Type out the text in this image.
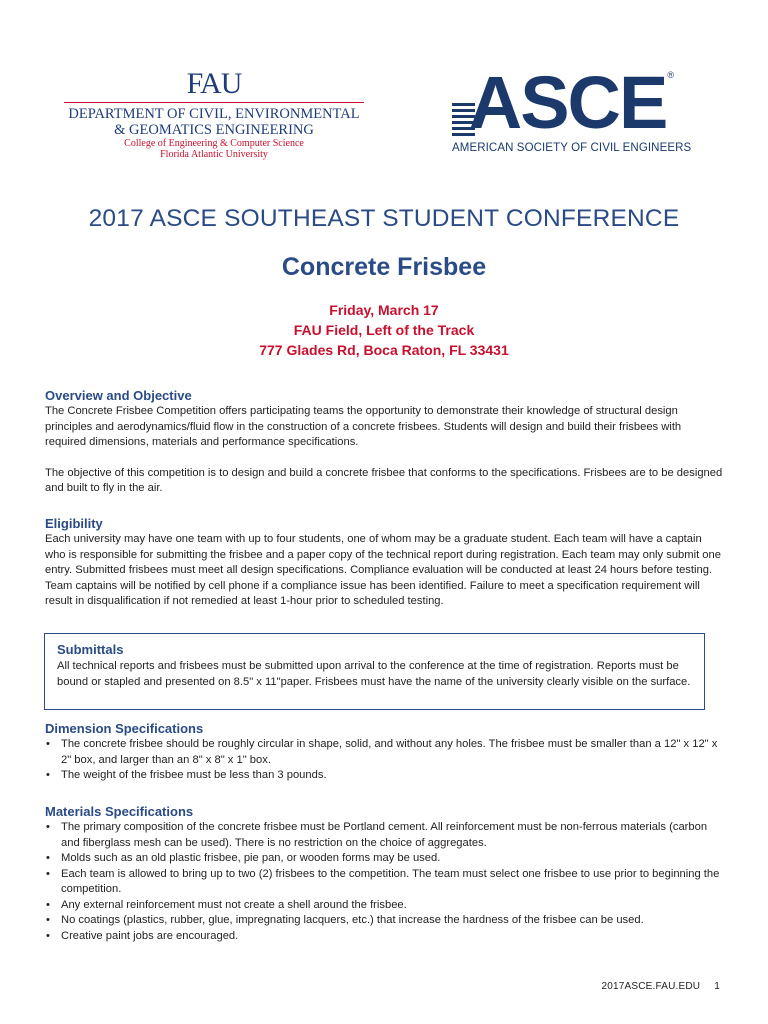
FAU
DEPARTMENT OF CIVIL, ENVIRONMENTAL
& GEOMATICS ENGINEERING
College of Engineering & Computer Science
Florida Atlantic University
ASCE ®
AMERICAN SOCIETY OF CIVIL ENGINEERS
2017 ASCE SOUTHEAST STUDENT CONFERENCE
Concrete Frisbee
Friday, March 17
FAU Field, Left of the Track
777 Glades Rd, Boca Raton, FL 33431
Overview and Objective

The Concrete Frisbee Competition offers participating teams the opportunity to demonstrate their knowledge of structural design principles and aerodynamics/fluid flow in the construction of a concrete frisbees. Students will design and build their frisbees with required dimensions, materials and performance specifications.

The objective of this competition is to design and build a concrete frisbee that conforms to the specifications. Frisbees are to be designed and built to fly in the air.

Eligibility

Each university may have one team with up to four students, one of whom may be a graduate student. Each team will have a captain who is responsible for submitting the frisbee and a paper copy of the technical report during registration. Each team may only submit one entry. Submitted frisbees must meet all design specifications. Compliance evaluation will be conducted at least 24 hours before testing. Team captains will be notified by cell phone if a compliance issue has been identified. Failure to meet a specification requirement will result in disqualification if not remedied at least 1-hour prior to scheduled testing.

Submittals

All technical reports and frisbees must be submitted upon arrival to the conference at the time of registration. Reports must be bound or stapled and presented on 8.5" x 11"paper. Frisbees must have the name of the university clearly visible on the surface.

Dimension Specifications
• The concrete frisbee should be roughly circular in shape, solid, and without any holes. The frisbee must be smaller than a 12" x 12" x 2" box, and larger than an 8" x 8" x 1" box.
• The weight of the frisbee must be less than 3 pounds.
Materials Specifications
• The primary composition of the concrete frisbee must be Portland cement. All reinforcement must be non-ferrous materials (carbon and fiberglass mesh can be used). There is no restriction on the choice of aggregates.
• Molds such as an old plastic frisbee, pie pan, or wooden forms may be used.
• Each team is allowed to bring up to two (2) frisbees to the competition. The team must select one frisbee to use prior to beginning the competition.
• Any external reinforcement must not create a shell around the frisbee.
• No coatings (plastics, rubber, glue, impregnating lacquers, etc.) that increase the hardness of the frisbee can be used.
• Creative paint jobs are encouraged.
2017ASCE.FAU.EDU 1
